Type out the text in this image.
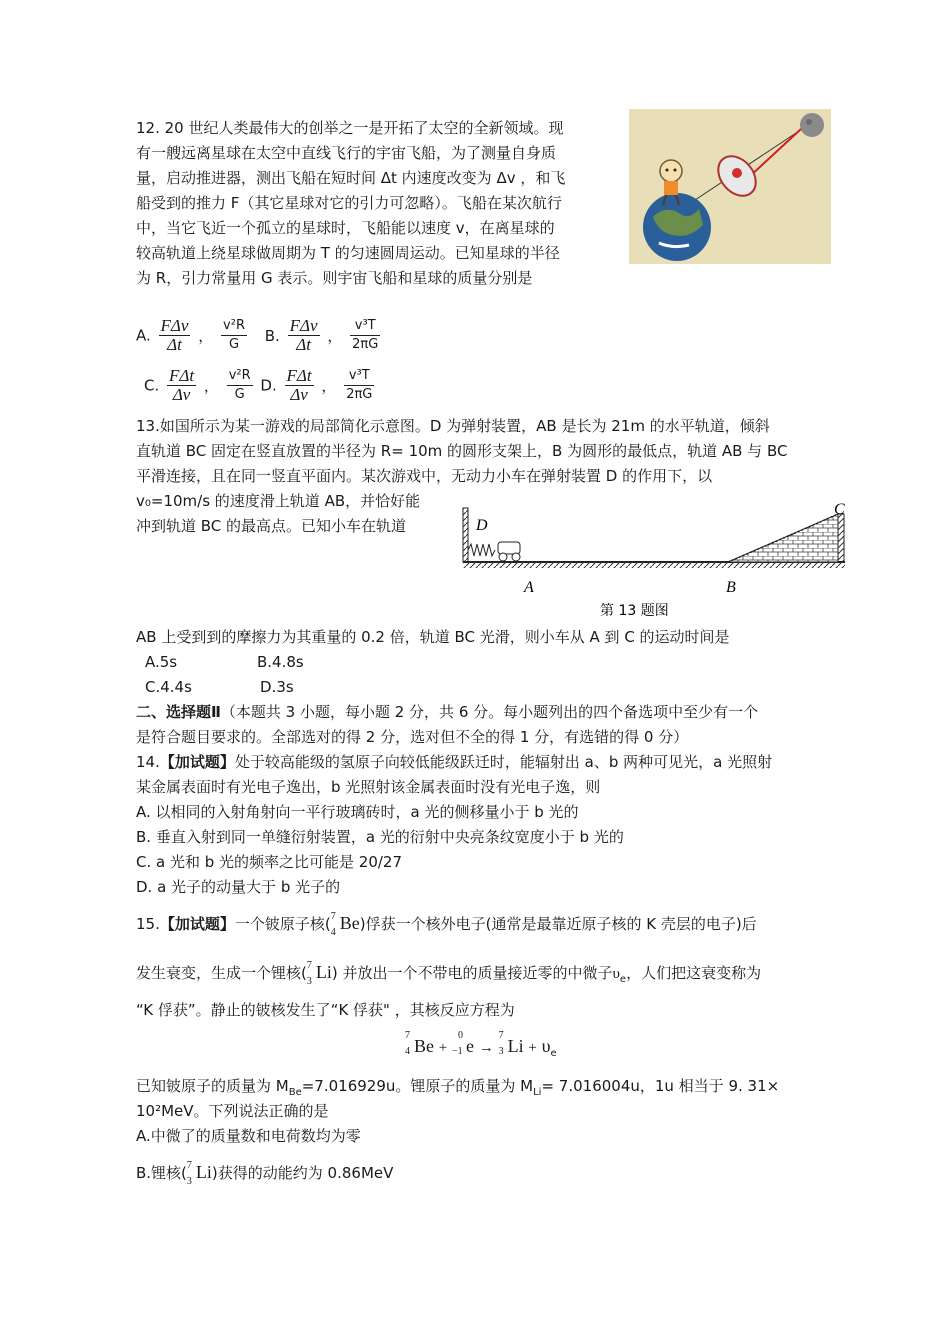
12. 20 世纪人类最伟大的创举之一是开拓了太空的全新领域。现
有一艘远离星球在太空中直线飞行的宇宙飞船，为了测量自身质
量，启动推进器，测出飞船在短时间 Δt 内速度改变为 Δv ，和飞
船受到的推力 F（其它星球对它的引力可忽略）。飞船在某次航行
中，当它飞近一个孤立的星球时，飞船能以速度 v，在离星球的
较高轨道上绕星球做周期为 T 的匀速圆周运动。已知星球的半径
为 R，引力常量用 G 表示。则宇宙飞船和星球的质量分别是
A. $\frac{\text{FΔv}}{\Delta t}$ ， $\frac{\text{v²R}}{G} B$. $\frac{\text{FΔv}}{\Delta t}$ ， $\frac{\text{v³T}}{2\pi G}$
C. $\frac{\text{FΔt}}{\Delta v}$ ， $\frac{\text{v²R}}{G} D$. $\frac{\text{FΔt}}{\Delta v}$ ， $\frac{\text{v³T}}{2\pi G}$
13.如国所示为某一游戏的局部简化示意图。D 为弹射装置，AB 是长为 21m 的水平轨道，倾斜
直轨道 BC 固定在竖直放置的半径为 R= 10m 的圆形支架上，B 为圆形的最低点，轨道 AB 与 BC
平滑连接，且在同一竖直平面内。某次游戏中，无动力小车在弹射装置 D 的作用下，以
v₀=10m/s 的速度滑上轨道 AB，并恰好能
冲到轨道 BC 的最高点。已知小车在轨道	D
A	B
C
第 13 题图
AB 上受到到的摩擦力为其重量的 0.2 倍，轨道 BC 光滑，则小车从 A 到 C 的运动时间是
A.5s	B.4.8s
C.4.4s	D.3s
二、选择题Ⅱ（本题共 3 小题，每小题 2 分，共 6 分。每小题列出的四个备选项中至少有一个
是符合题目要求的。全部选对的得 2 分，选对但不全的得 1 分，有选错的得 0 分）
14.【加试题】处于较高能级的氢原子向较低能级跃迁时，能辐射出 a、b 两种可见光，a 光照射
某金属表面时有光电子逸出，b 光照射该金属表面时没有光电子逸，则
A. 以相同的入射角射向一平行玻璃砖时，a 光的侧移量小于 b 光的
B. 垂直入射到同一单缝衍射装置，a 光的衍射中央亮条纹宽度小于 b 光的
C. a 光和 b 光的频率之比可能是 20/27
D. a 光子的动量大于 b 光子的
15.【加试题】一个铍原子核( 7
4 Be)俘获一个核外电子(通常是最靠近原子核的 K 壳层的电子)后
发生衰变，生成一个锂核( 7
3 Li) 并放出一个不带电的质量接近零的中微子$\upsilon_e$，人们把这衰变称为
“K 俘获”。静止的铍核发生了“K 俘获" ，其核反应方程为
7
4 Be +
0
−1 e →
7
3 $Li + \upsilon_e$
已知铍原子的质量为 $M_{Be}=7.016929u$。锂原子的质量为 $M_{Li}= 7.016004u$，1u 相当于 9. 31×
10²MeV。下列说法正确的是
A.中微了的质量数和电荷数均为零
B.锂核( 7
3 Li)获得的动能约为 0.86MeV
